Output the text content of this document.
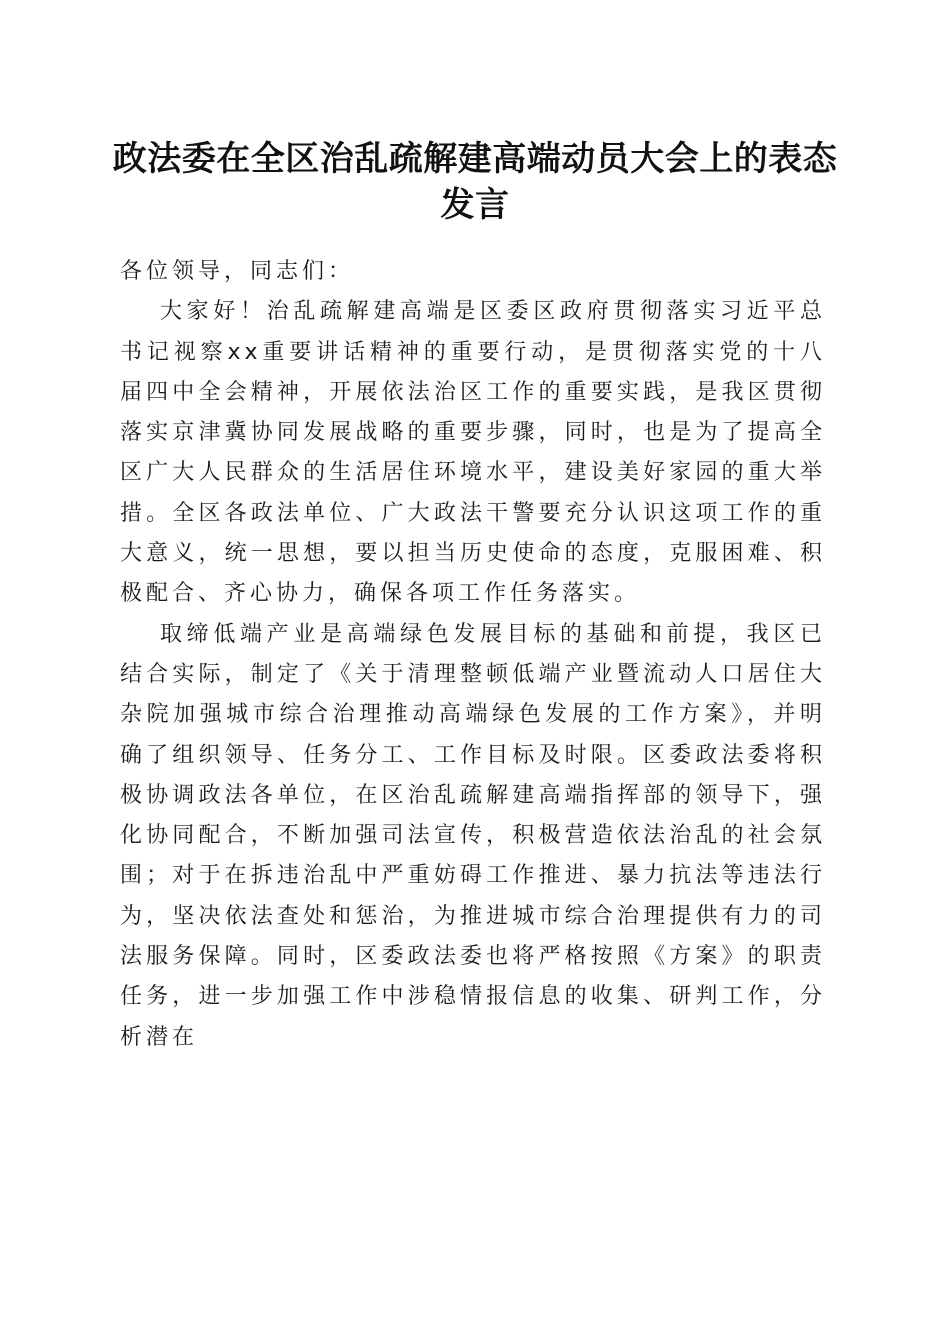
政法委在全区治乱疏解建高端动员大会上的表态发言

各位领导，同志们：

大家好！治乱疏解建高端是区委区政府贯彻落实习近平总书记视察xx重要讲话精神的重要行动，是贯彻落实党的十八届四中全会精神，开展依法治区工作的重要实践，是我区贯彻落实京津冀协同发展战略的重要步骤，同时，也是为了提高全区广大人民群众的生活居住环境水平，建设美好家园的重大举措。全区各政法单位、广大政法干警要充分认识这项工作的重大意义，统一思想，要以担当历史使命的态度，克服困难、积极配合、齐心协力，确保各项工作任务落实。

取缔低端产业是高端绿色发展目标的基础和前提，我区已结合实际，制定了《关于清理整顿低端产业暨流动人口居住大杂院加强城市综合治理推动高端绿色发展的工作方案》，并明确了组织领导、任务分工、工作目标及时限。区委政法委将积极协调政法各单位，在区治乱疏解建高端指挥部的领导下，强化协同配合，不断加强司法宣传，积极营造依法治乱的社会氛围；对于在拆违治乱中严重妨碍工作推进、暴力抗法等违法行为，坚决依法查处和惩治，为推进城市综合治理提供有力的司法服务保障。同时，区委政法委也将严格按照《方案》的职责任务，进一步加强工作中涉稳情报信息的收集、研判工作，分析潜在
